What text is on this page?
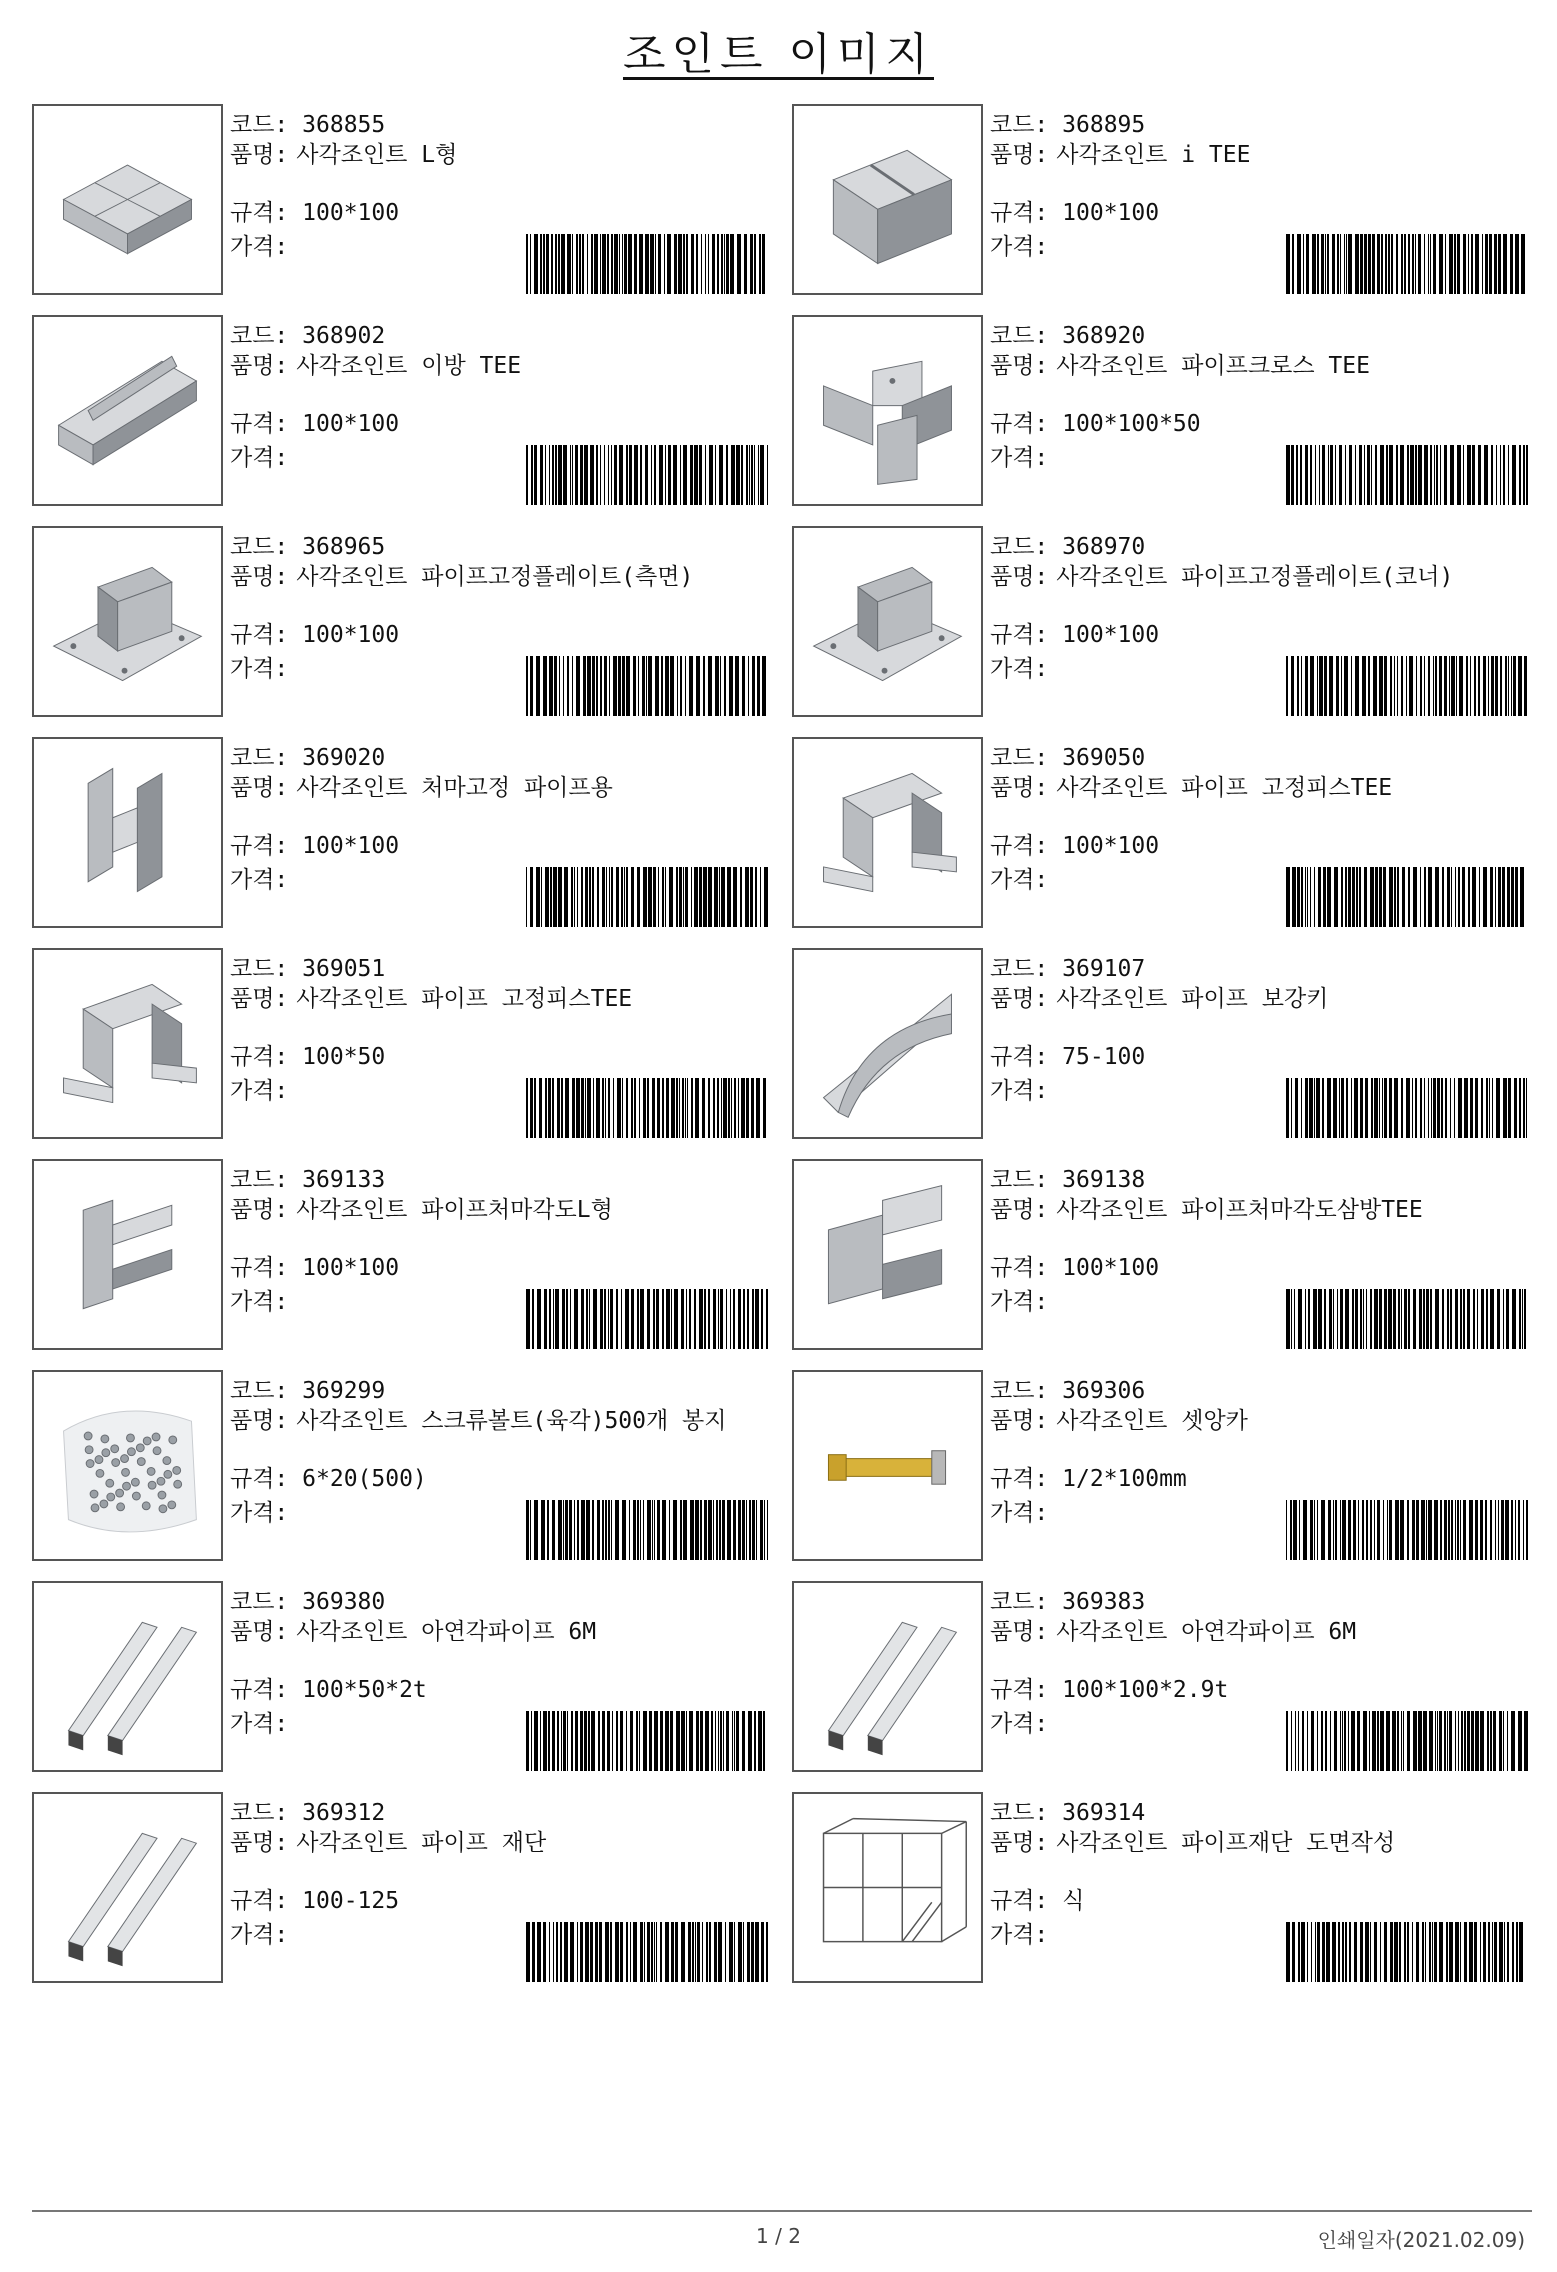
조인트 이미지
코드: 368855
품명: 사각조인트 L형
규격: 100*100
가격:
코드: 368895
품명: 사각조인트 i TEE
규격: 100*100
가격:
코드: 368902
품명: 사각조인트 이방 TEE
규격: 100*100
가격:
코드: 368920
품명: 사각조인트 파이프크로스 TEE
규격: 100*100*50
가격:
코드: 368965
품명: 사각조인트 파이프고정플레이트(측면)
규격: 100*100
가격:
코드: 368970
품명: 사각조인트 파이프고정플레이트(코너)
규격: 100*100
가격:
코드: 369020
품명: 사각조인트 처마고정 파이프용
규격: 100*100
가격:
코드: 369050
품명: 사각조인트 파이프 고정피스TEE
규격: 100*100
가격:
코드: 369051
품명: 사각조인트 파이프 고정피스TEE
규격: 100*50
가격:
코드: 369107
품명: 사각조인트 파이프 보강키
규격: 75-100
가격:
코드: 369133
품명: 사각조인트 파이프처마각도L형
규격: 100*100
가격:
코드: 369138
품명: 사각조인트 파이프처마각도삼방TEE
규격: 100*100
가격:
코드: 369299
품명: 사각조인트 스크류볼트(육각)500개 봉지
규격: 6*20(500)
가격:
코드: 369306
품명: 사각조인트 셋앙카
규격: 1/2*100mm
가격:
코드: 369380
품명: 사각조인트 아연각파이프 6M
규격: 100*50*2t
가격:
코드: 369383
품명: 사각조인트 아연각파이프 6M
규격: 100*100*2.9t
가격:
코드: 369312
품명: 사각조인트 파이프 재단
규격: 100-125
가격:
코드: 369314
품명: 사각조인트 파이프재단 도면작성
규격: 식
가격:
1 / 2	인쇄일자(2021.02.09)
